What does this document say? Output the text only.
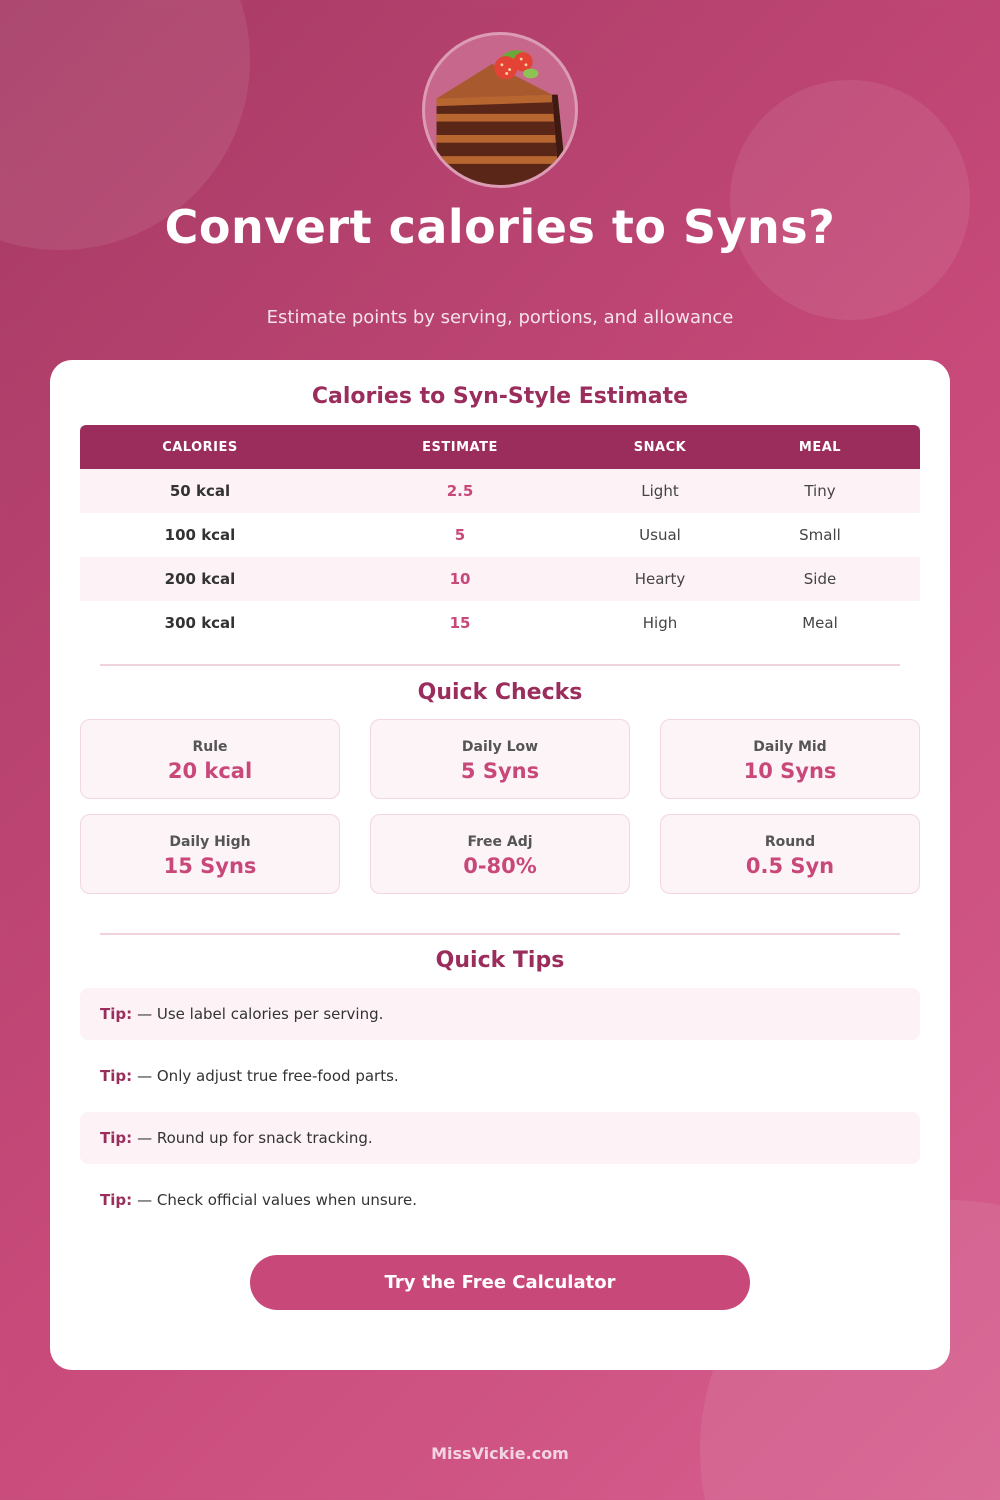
Convert calories to Syns?
Estimate points by serving, portions, and allowance
Calories to Syn-Style Estimate
CALORIES	ESTIMATE	SNACK	MEAL
50 kcal	2.5	Light	Tiny
100 kcal	5	Usual	Small
200 kcal	10	Hearty	Side
300 kcal	15	High	Meal
Quick Checks
Rule
20 kcal
Daily Low
5 Syns
Daily Mid
10 Syns
Daily High
15 Syns
Free Adj
0-80%
Round
0.5 Syn
Quick Tips
Tip: — Use label calories per serving.
Tip: — Only adjust true free-food parts.
Tip: — Round up for snack tracking.
Tip: — Check official values when unsure.
Try the Free Calculator
MissVickie.com
